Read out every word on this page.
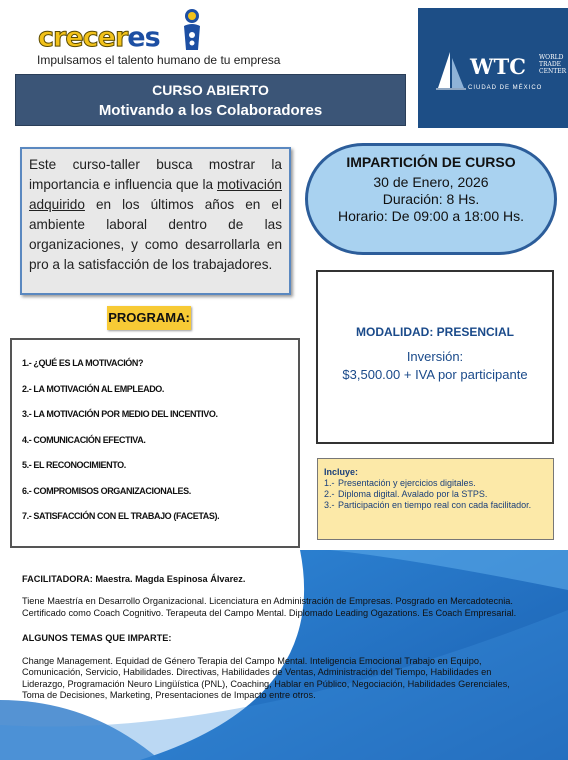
creceres
Impulsamos el talento humano de tu empresa
CURSO ABIERTO
Motivando a los Colaboradores
WTC WORLD
TRADE
CENTER
CIUDAD DE MÉXICO
Este curso-taller busca mostrar la importancia e influencia que la motivación adquirido en los últimos años en el ambiente laboral dentro de las organizaciones, y como desarrollarla en pro a la satisfacción de los trabajadores.
PROGRAMA:
1.- ¿QUÉ ES LA MOTIVACIÓN?
2.- LA MOTIVACIÓN AL EMPLEADO.
3.- LA MOTIVACIÓN POR MEDIO DEL INCENTIVO.
4.- COMUNICACIÓN EFECTIVA.
5.- EL RECONOCIMIENTO.
6.- COMPROMISOS ORGANIZACIONALES.
7.- SATISFACCIÓN CON EL TRABAJO (FACETAS).
IMPARTICIÓN DE CURSO
30 de Enero, 2026
Duración: 8 Hs.
Horario: De 09:00 a 18:00 Hs.
MODALIDAD: PRESENCIAL
Inversión:
$3,500.00 + IVA por participante
Incluye:
1.- Presentación y ejercicios digitales.
2.- Diploma digital. Avalado por la STPS.
3.- Participación en tiempo real con cada facilitador.
FACILITADORA: Maestra. Magda Espinosa Álvarez.
Tiene Maestría en Desarrollo Organizacional. Licenciatura en Administración de Empresas. Posgrado en Mercadotecnia. Certificado como Coach Cognitivo. Terapeuta del Campo Mental. Diplomado Leading Ogazations. Es Coach Empresarial.
ALGUNOS TEMAS QUE IMPARTE:
Change Management. Equidad de Género Terapia del Campo Mental. Inteligencia Emocional Trabajo en Equipo, Comunicación, Servicio, Habilidades. Directivas, Habilidades de Ventas, Administración del Tiempo, Habilidades en Liderazgo, Programación Neuro Lingüística (PNL), Coaching, Hablar en Público, Negociación, Habilidades Gerenciales, Toma de Decisiones, Marketing, Presentaciones de Impacto entre otros.
